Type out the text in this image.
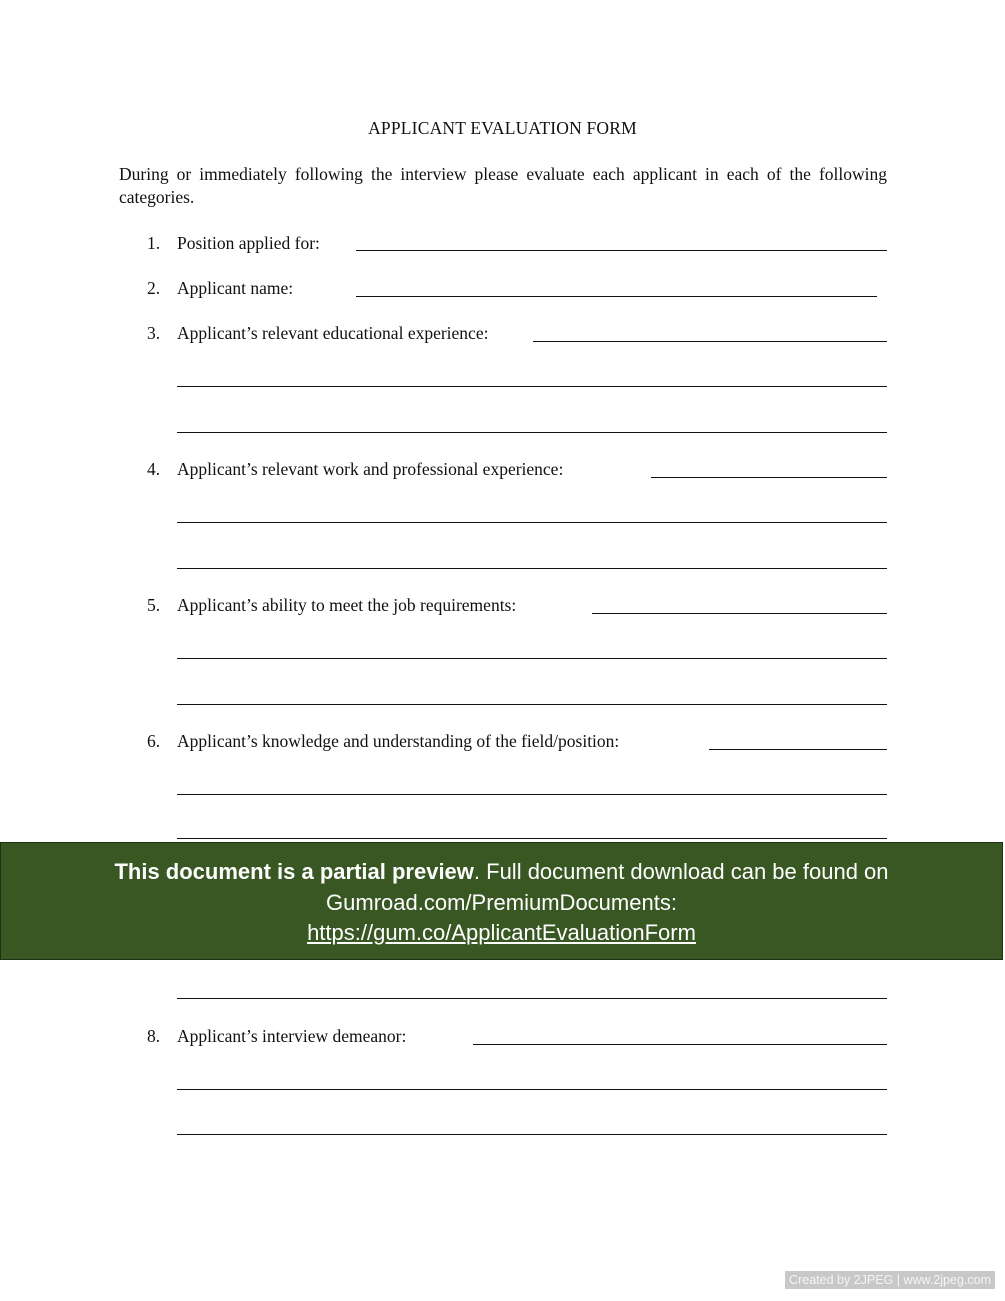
APPLICANT EVALUATION FORM
During or immediately following the interview please evaluate each applicant in each of the following categories.
1. Position applied for:
2. Applicant name:
3. Applicant’s relevant educational experience:
4. Applicant’s relevant work and professional experience:
5. Applicant’s ability to meet the job requirements:
6. Applicant’s knowledge and understanding of the field/position:
This document is a partial preview. Full document download can be found on
Gumroad.com/PremiumDocuments:
https://gum.co/ApplicantEvaluationForm
8. Applicant’s interview demeanor:
Created by 2JPEG | www.2jpeg.com
